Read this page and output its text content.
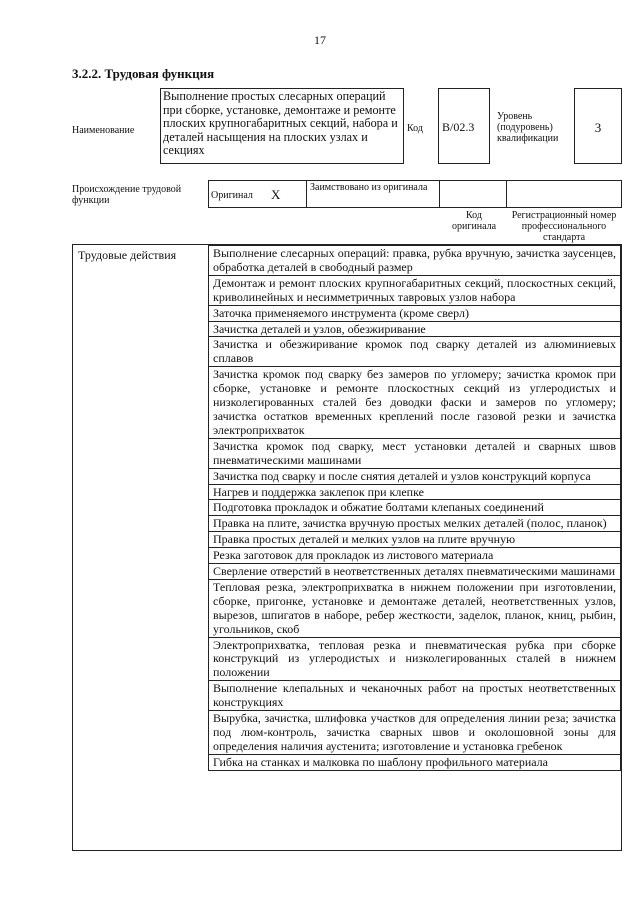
17
3.2.2. Трудовая функция
Наименование
Выполнение простых слесарных операций при сборке, установке, демонтаже и ремонте плоских крупногабаритных секций, набора и деталей насыщения на плоских узлах и секциях
Код	В/02.3
Уровень (подуровень) квалификации
3
Происхождение трудовой функции	Оригинал X	Заимствовано из оригинала
Код оригинала
Регистрационный номер профессионального стандарта
Трудовые действия	Выполнение слесарных операций: правка, рубка вручную, зачистка заусенцев, обработка деталей в свободный размер
Демонтаж и ремонт плоских крупногабаритных секций, плоскостных секций, криволинейных и несимметричных тавровых узлов набора
Заточка применяемого инструмента (кроме сверл)
Зачистка деталей и узлов, обезжиривание
Зачистка и обезжиривание кромок под сварку деталей из алюминиевых сплавов
Зачистка кромок под сварку без замеров по угломеру; зачистка кромок при сборке, установке и ремонте плоскостных секций из углеродистых и низколегированных сталей без доводки фаски и замеров по угломеру; зачистка остатков временных креплений после газовой резки и зачистка электроприхваток
Зачистка кромок под сварку, мест установки деталей и сварных швов пневматическими машинами
Зачистка под сварку и после снятия деталей и узлов конструкций корпуса
Нагрев и поддержка заклепок при клепке
Подготовка прокладок и обжатие болтами клепаных соединений
Правка на плите, зачистка вручную простых мелких деталей (полос, планок)
Правка простых деталей и мелких узлов на плите вручную
Резка заготовок для прокладок из листового материала
Сверление отверстий в неответственных деталях пневматическими машинами
Тепловая резка, электроприхватка в нижнем положении при изготовлении, сборке, пригонке, установке и демонтаже деталей, неответственных узлов, вырезов, шпигатов в наборе, ребер жесткости, заделок, планок, книц, рыбин, угольников, скоб
Электроприхватка, тепловая резка и пневматическая рубка при сборке конструкций из углеродистых и низколегированных сталей в нижнем положении
Выполнение клепальных и чеканочных работ на простых неответственных конструкциях
Вырубка, зачистка, шлифовка участков для определения линии реза; зачистка под люм-контроль, зачистка сварных швов и околошовной зоны для определения наличия аустенита; изготовление и установка гребенок
Гибка на станках и малковка по шаблону профильного материала
